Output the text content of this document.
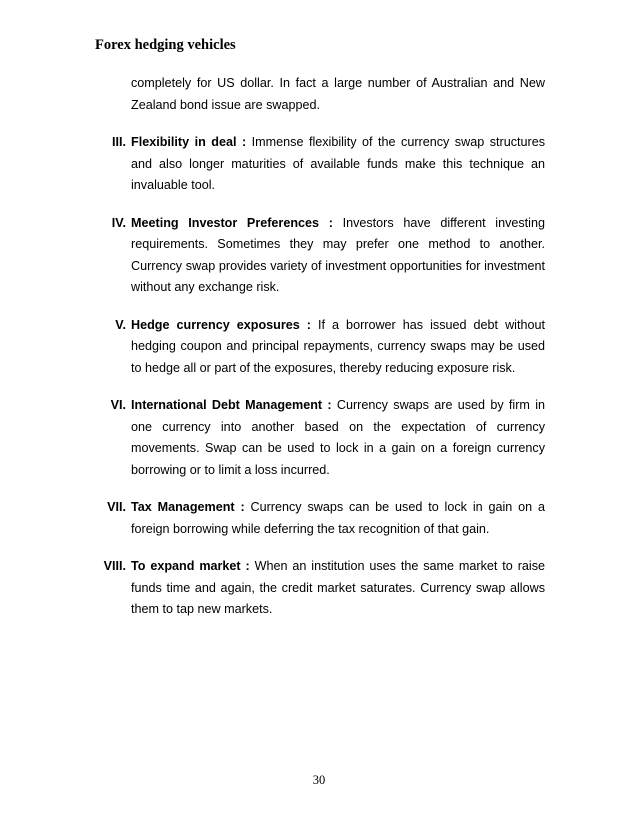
Forex hedging vehicles

completely for US dollar. In fact a large number of Australian and New Zealand bond issue are swapped.

III. Flexibility in deal : Immense flexibility of the currency swap structures and also longer maturities of available funds make this technique an invaluable tool.
IV. Meeting Investor Preferences : Investors have different investing requirements. Sometimes they may prefer one method to another. Currency swap provides variety of investment opportunities for investment without any exchange risk.
V. Hedge currency exposures : If a borrower has issued debt without hedging coupon and principal repayments, currency swaps may be used to hedge all or part of the exposures, thereby reducing exposure risk.
VI. International Debt Management : Currency swaps are used by firm in one currency into another based on the expectation of currency movements. Swap can be used to lock in a gain on a foreign currency borrowing or to limit a loss incurred.
VII. Tax Management : Currency swaps can be used to lock in gain on a foreign borrowing while deferring the tax recognition of that gain.
VIII. To expand market : When an institution uses the same market to raise funds time and again, the credit market saturates. Currency swap allows them to tap new markets.
30
